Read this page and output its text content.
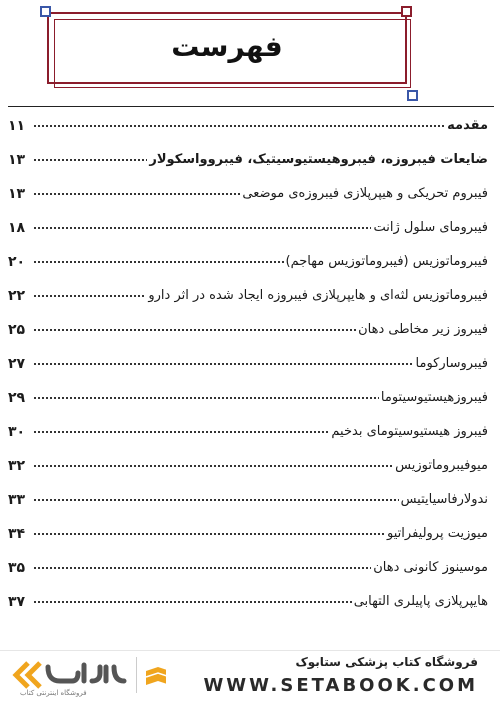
فهرست
مقدمه
۱۱
ضایعات فیبروزه، فیبروهیستیوسیتیک، فیبروواسکولار
۱۳
فیبروم تحریکی و هیپرپلازی فیبروزه‌ی موضعی
۱۳
فیبرومای سلول ژانت
۱۸
فیبروماتوزیس (فیبروماتوزیس مهاجم)
۲۰
فیبروماتوزیس لثه‌ای و هایپرپلازی فیبروزه ایجاد شده در اثر دارو
۲۲
فیبروز زیر مخاطی دهان
۲۵
فیبروسارکوما
۲۷
فیبروزهیستیوسیتوما
۲۹
فیبروز هیستیوسیتومای بدخیم
۳۰
میوفیبروماتوزیس
۳۲
ندولارفاسیایتیس
۳۳
میوزیت پرولیفراتیو
۳۴
موسینوز کانونی دهان
۳۵
هایپرپلازی پاپیلری التهابی
۳۷
فروشگاه اینترنتی کتاب
فروشگاه کتاب پزشکی ستابوک
WWW.SETABOOK.COM
